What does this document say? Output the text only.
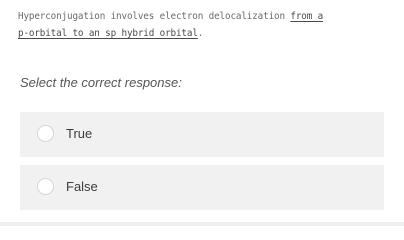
Hyperconjugation involves electron delocalization from a
p-orbital to an sp hybrid orbital.
Select the correct response:
True
False
